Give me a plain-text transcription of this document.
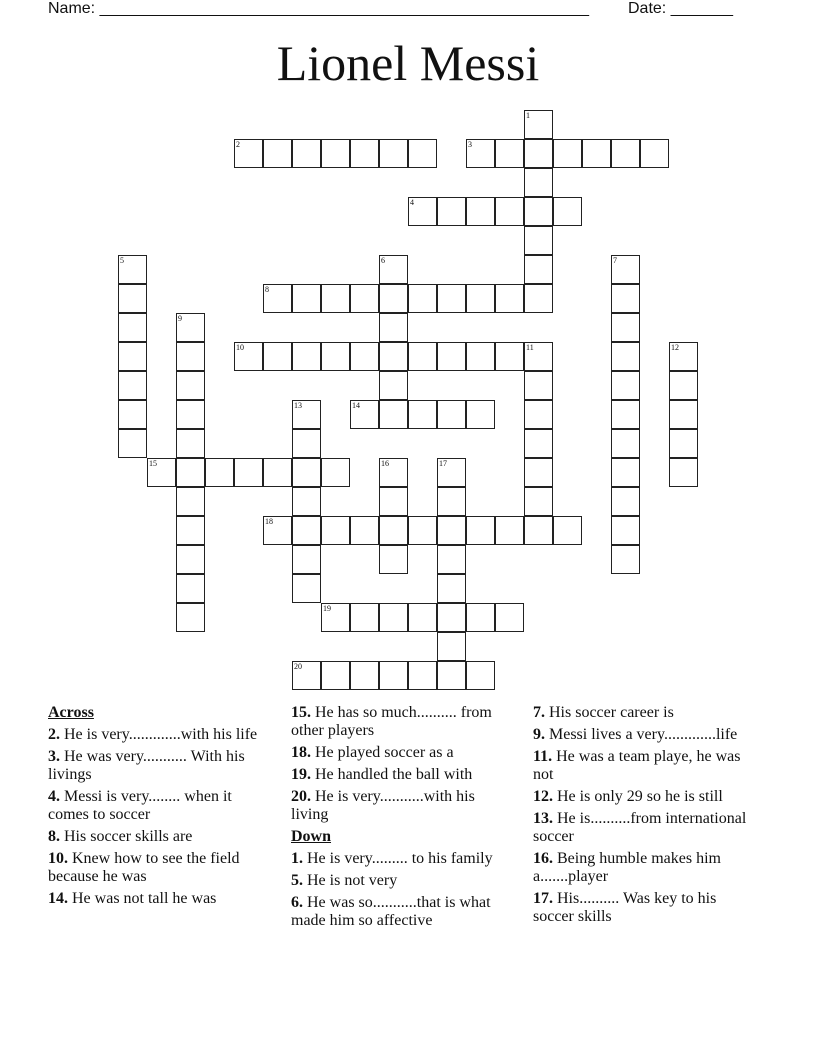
Name: _______________________________________________________ Date: _______
Lionel Messi
1
2	3
4
5	6	7
8
9
10	11	12
13	14
15	16	17
18
19
20
Across
2. He is very.............with his life
3. He was very........... With his livings
4. Messi is very........ when it comes to soccer
8. His soccer skills are
10. Knew how to see the field because he was
14. He was not tall he was
15. He has so much.......... from other players
18. He played soccer as a
19. He handled the ball with
20. He is very...........with his living
Down
1. He is very......... to his family
5. He is not very
6. He was so...........that is what made him so affective
7. His soccer career is
9. Messi lives a very.............life
11. He was a team playe, he was not
12. He is only 29 so he is still
13. He is..........from international soccer
16. Being humble makes him a.......player
17. His.......... Was key to his soccer skills
